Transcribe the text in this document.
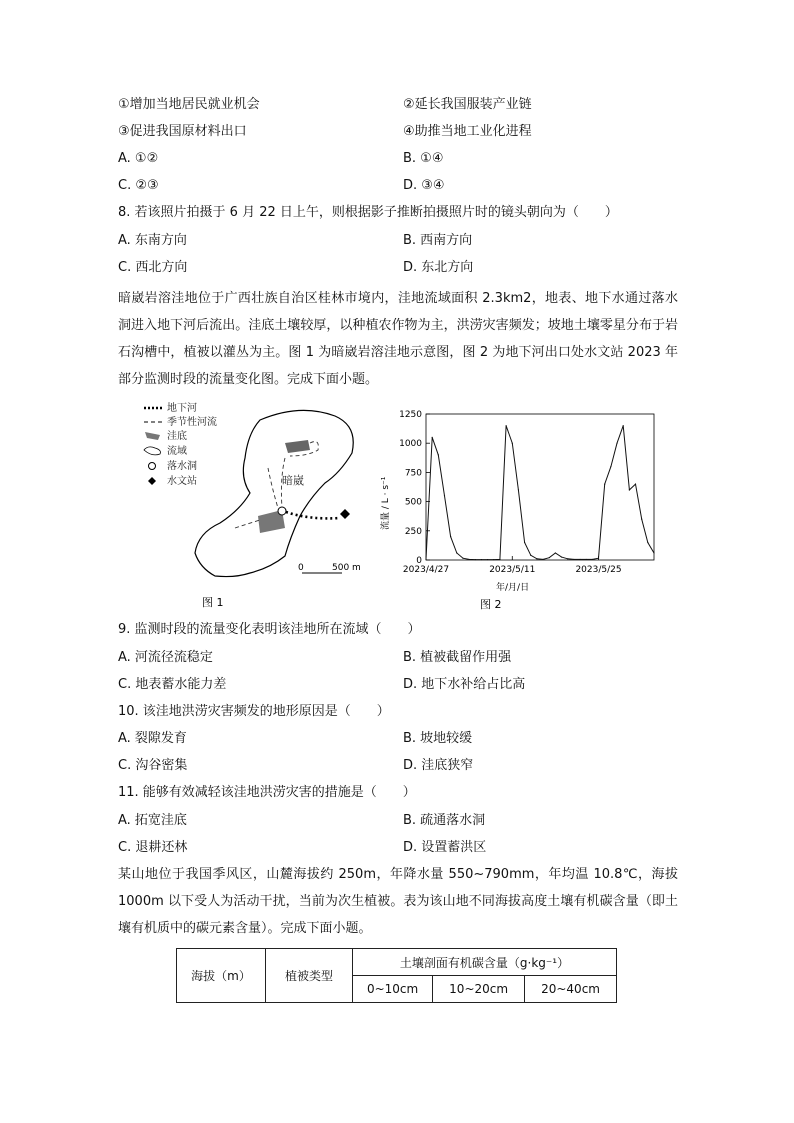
①增加当地居民就业机会	②延长我国服装产业链
③促进我国原材料出口	④助推当地工业化进程
A. ①②	B. ①④
C. ②③	D. ③④
8. 若该照片拍摄于 6 月 22 日上午，则根据影子推断拍摄照片时的镜头朝向为（　　）
A. 东南方向	B. 西南方向
C. 西北方向	D. 东北方向
暗崴岩溶洼地位于广西壮族自治区桂林市境内，洼地流域面积 2.3km2，地表、地下水通过落水洞进入地下河后流出。洼底土壤较厚，以种植农作物为主，洪涝灾害频发；坡地土壤零星分布于岩石沟槽中，植被以灌丛为主。图 1 为暗崴岩溶洼地示意图，图 2 为地下河出口处水文站 2023 年部分监测时段的流量变化图。完成下面小题。
地下河
季节性河流
洼底
流域
落水洞
水文站	暗崴
0	500 m
图 1
1250
1000
750
500
250
0
2023/4/27	2023/5/11	2023/5/25
流量 / L · s⁻¹
年/月/日
图 2
9. 监测时段的流量变化表明该洼地所在流域（　　）
A. 河流径流稳定	B. 植被截留作用强
C. 地表蓄水能力差	D. 地下水补给占比高
10. 该洼地洪涝灾害频发的地形原因是（　　）
A. 裂隙发育	B. 坡地较缓
C. 沟谷密集	D. 洼底狭窄
11. 能够有效减轻该洼地洪涝灾害的措施是（　　）
A. 拓宽洼底	B. 疏通落水洞
C. 退耕还林	D. 设置蓄洪区
某山地位于我国季风区，山麓海拔约 250m，年降水量 550~790mm，年均温 10.8℃，海拔 1000m 以下受人为活动干扰，当前为次生植被。表为该山地不同海拔高度土壤有机碳含量（即土壤有机质中的碳元素含量）。完成下面小题。
海拔（m）	植被类型	土壤剖面有机碳含量（g·kg⁻¹）		
		0~10cm	10~20cm	20~40cm
